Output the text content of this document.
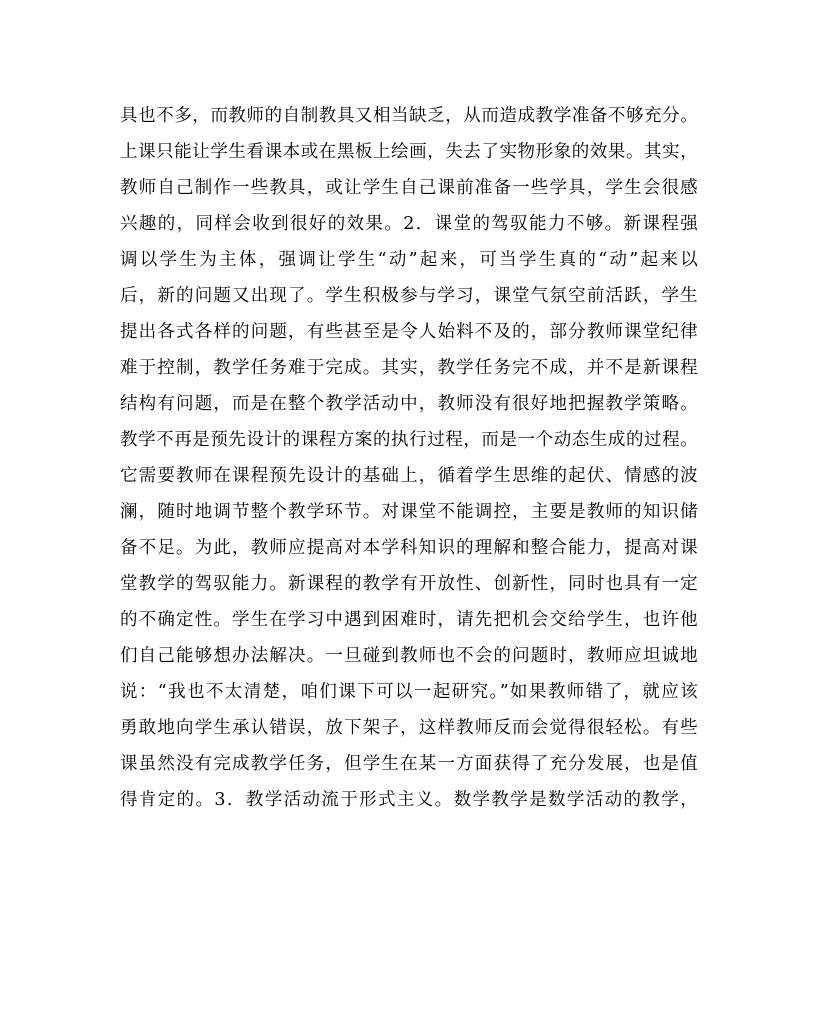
具也不多，而教师的自制教具又相当缺乏，从而造成教学准备不够充分。
上课只能让学生看课本或在黑板上绘画，失去了实物形象的效果。其实，
教师自己制作一些教具，或让学生自己课前准备一些学具，学生会很感
兴趣的，同样会收到很好的效果。2．课堂的驾驭能力不够。新课程强
调以学生为主体，强调让学生“动”起来，可当学生真的“动”起来以
后，新的问题又出现了。学生积极参与学习，课堂气氛空前活跃，学生
提出各式各样的问题，有些甚至是令人始料不及的，部分教师课堂纪律
难于控制，教学任务难于完成。其实，教学任务完不成，并不是新课程
结构有问题，而是在整个教学活动中，教师没有很好地把握教学策略。
教学不再是预先设计的课程方案的执行过程，而是一个动态生成的过程。
它需要教师在课程预先设计的基础上，循着学生思维的起伏、情感的波
澜，随时地调节整个教学环节。对课堂不能调控，主要是教师的知识储
备不足。为此，教师应提高对本学科知识的理解和整合能力，提高对课
堂教学的驾驭能力。新课程的教学有开放性、创新性，同时也具有一定
的不确定性。学生在学习中遇到困难时，请先把机会交给学生，也许他
们自己能够想办法解决。一旦碰到教师也不会的问题时，教师应坦诚地
说：“我也不太清楚，咱们课下可以一起研究。”如果教师错了，就应该
勇敢地向学生承认错误，放下架子，这样教师反而会觉得很轻松。有些
课虽然没有完成教学任务，但学生在某一方面获得了充分发展，也是值
得肯定的。3．教学活动流于形式主义。数学教学是数学活动的教学，
